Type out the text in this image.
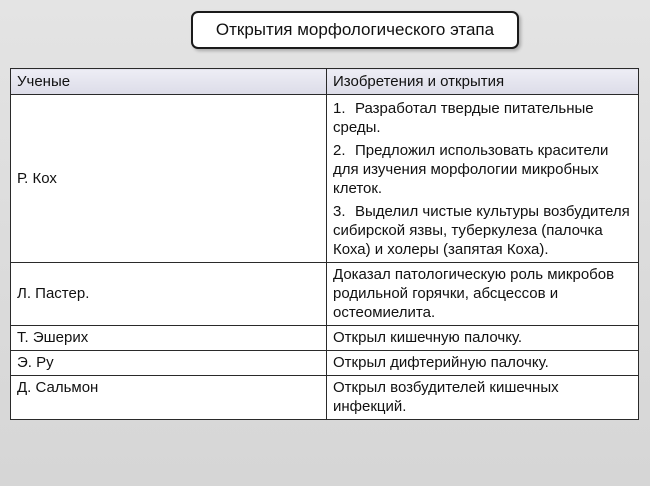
Открытия морфологического этапа
Ученые	Изобретения и открытия
Р. Кох	1. Разработал твердые питательные среды.
2. Предложил использовать красители для изучения морфологии микробных клеток.
3. Выделил чистые культуры возбудителя сибирской язвы, туберкулеза (палочка Коха) и холеры (запятая Коха).

Л. Пастер.	Доказал патологическую роль микробов родильной горячки, абсцессов и остеомиелита.
Т. Эшерих	Открыл кишечную палочку.
Э. Ру	Открыл дифтерийную палочку.
Д. Сальмон	Открыл возбудителей кишечных инфекций.
